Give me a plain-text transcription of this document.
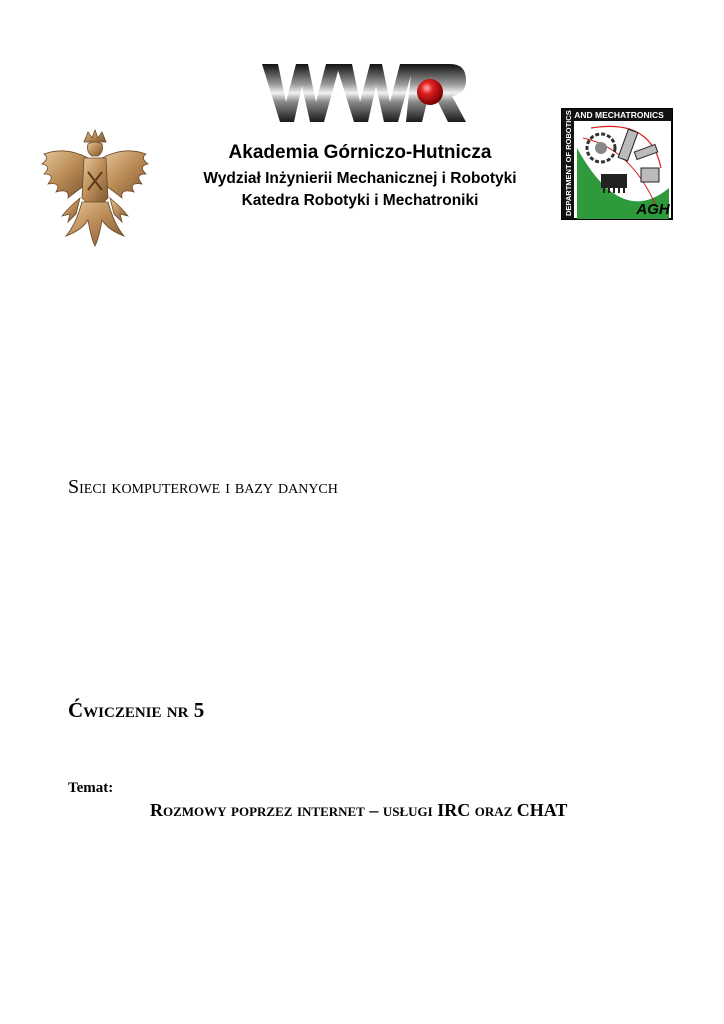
AND MECHATRONICS
DEPARTMENT OF ROBOTICS	AGH
Akademia Górniczo-Hutnicza
Wydział Inżynierii Mechanicznej i Robotyki
Katedra Robotyki i Mechatroniki
Sieci komputerowe i bazy danych
Ćwiczenie nr 5
Temat:
Rozmowy poprzez internet – usługi IRC oraz CHAT
